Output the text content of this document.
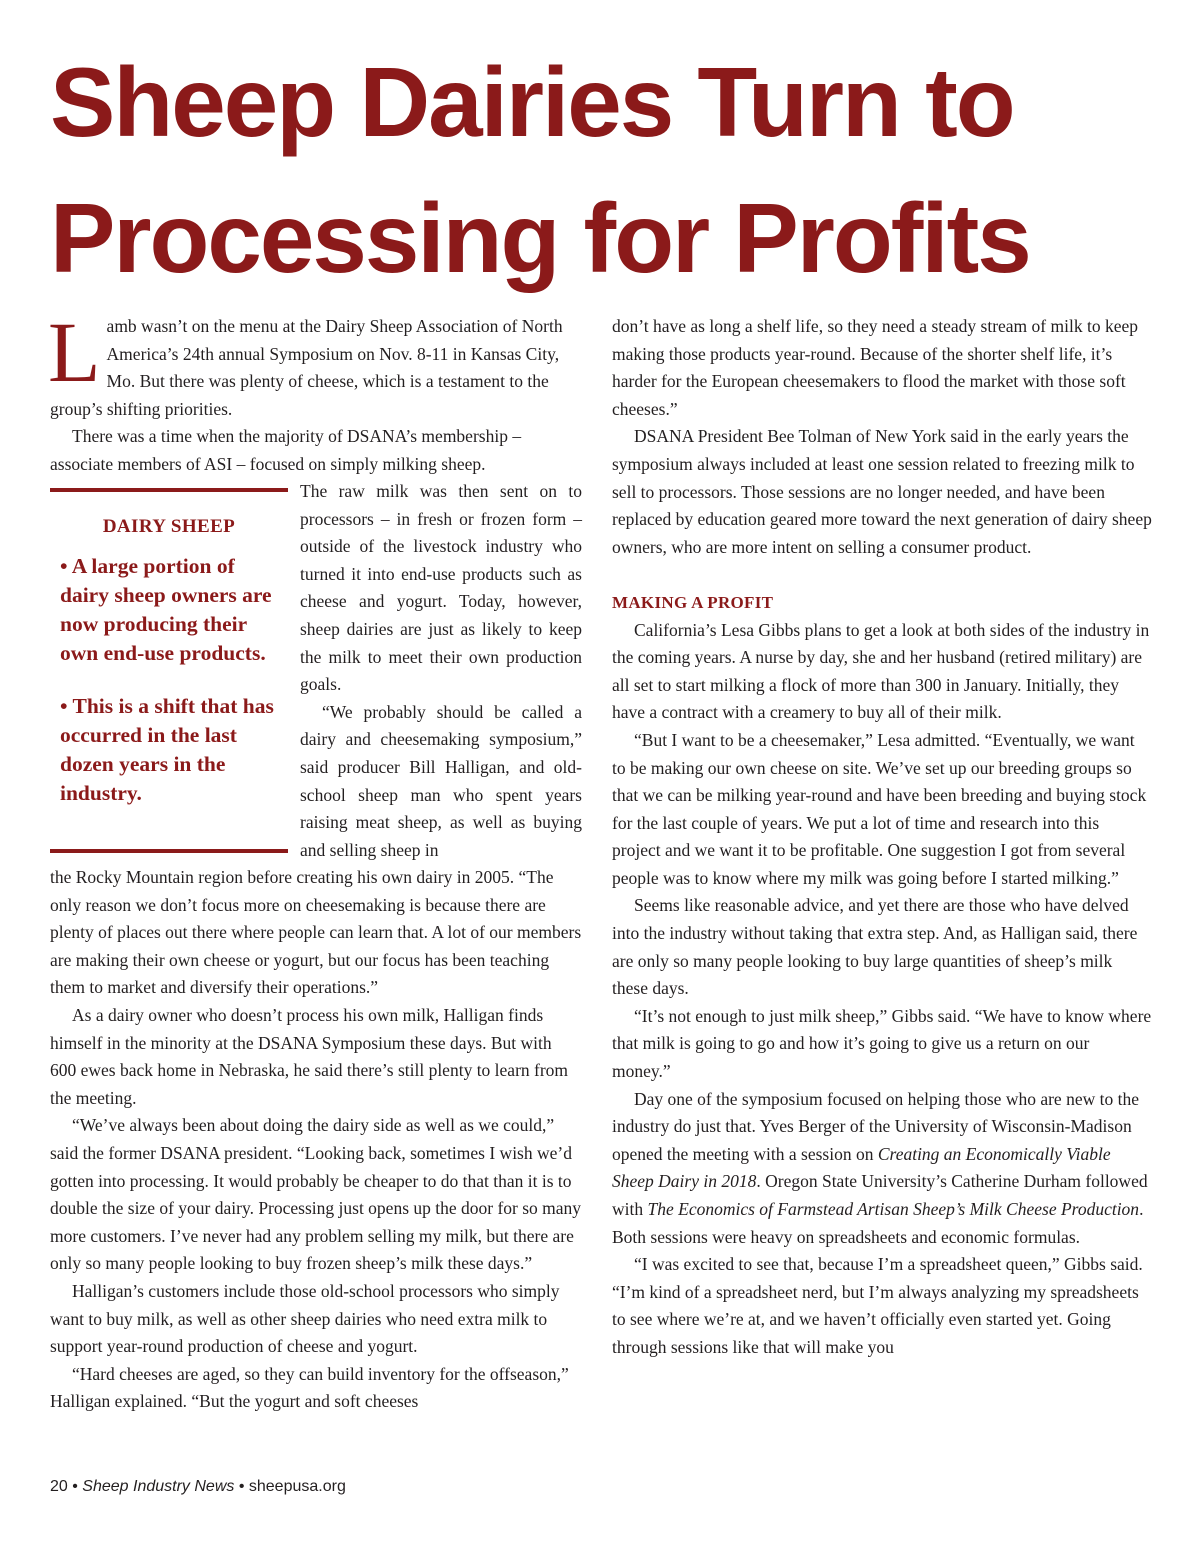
Sheep Dairies Turn to
Processing for Profits
L amb wasn’t on the menu at the Dairy Sheep Association of North America’s 24th annual Symposium on Nov. 8-11 in Kansas City, Mo. But there was plenty of cheese, which is a testament to the group’s shifting priorities.

There was a time when the majority of DSANA’s membership – associate members of ASI – focused on simply milking sheep.

DAIRY SHEEP

• A large portion of dairy sheep owners are now producing their own end-use products.

• This is a shift that has occurred in the last dozen years in the industry.

The raw milk was then sent on to processors – in fresh or frozen form – outside of the livestock industry who turned it into end-use products such as cheese and yogurt. Today, however, sheep dairies are just as likely to keep the milk to meet their own production goals.

“We probably should be called a dairy and cheesemaking symposium,” said producer Bill Halligan, and old-school sheep man who spent years raising meat sheep, as well as buying and selling sheep in

the Rocky Mountain region before creating his own dairy in 2005. “The only reason we don’t focus more on cheesemaking is because there are plenty of places out there where people can learn that. A lot of our members are making their own cheese or yogurt, but our focus has been teaching them to market and diversify their operations.”

As a dairy owner who doesn’t process his own milk, Halligan finds himself in the minority at the DSANA Symposium these days. But with 600 ewes back home in Nebraska, he said there’s still plenty to learn from the meeting.

“We’ve always been about doing the dairy side as well as we could,” said the former DSANA president. “Looking back, sometimes I wish we’d gotten into processing. It would probably be cheaper to do that than it is to double the size of your dairy. Processing just opens up the door for so many more customers. I’ve never had any problem selling my milk, but there are only so many people looking to buy frozen sheep’s milk these days.”

Halligan’s customers include those old-school processors who simply want to buy milk, as well as other sheep dairies who need extra milk to support year-round production of cheese and yogurt.

“Hard cheeses are aged, so they can build inventory for the offseason,” Halligan explained. “But the yogurt and soft cheeses

don’t have as long a shelf life, so they need a steady stream of milk to keep making those products year-round. Because of the shorter shelf life, it’s harder for the European cheesemakers to flood the market with those soft cheeses.”

DSANA President Bee Tolman of New York said in the early years the symposium always included at least one session related to freezing milk to sell to processors. Those sessions are no longer needed, and have been replaced by education geared more toward the next generation of dairy sheep owners, who are more intent on selling a consumer product.

MAKING A PROFIT

California’s Lesa Gibbs plans to get a look at both sides of the industry in the coming years. A nurse by day, she and her husband (retired military) are all set to start milking a flock of more than 300 in January. Initially, they have a contract with a creamery to buy all of their milk.

“But I want to be a cheesemaker,” Lesa admitted. “Eventually, we want to be making our own cheese on site. We’ve set up our breeding groups so that we can be milking year-round and have been breeding and buying stock for the last couple of years. We put a lot of time and research into this project and we want it to be profitable. One suggestion I got from several people was to know where my milk was going before I started milking.”

Seems like reasonable advice, and yet there are those who have delved into the industry without taking that extra step. And, as Halligan said, there are only so many people looking to buy large quantities of sheep’s milk these days.

“It’s not enough to just milk sheep,” Gibbs said. “We have to know where that milk is going to go and how it’s going to give us a return on our money.”

Day one of the symposium focused on helping those who are new to the industry do just that. Yves Berger of the University of Wisconsin-Madison opened the meeting with a session on Creating an Economically Viable Sheep Dairy in 2018. Oregon State University’s Catherine Durham followed with The Economics of Farmstead Artisan Sheep’s Milk Cheese Production. Both sessions were heavy on spreadsheets and economic formulas.

“I was excited to see that, because I’m a spreadsheet queen,” Gibbs said. “I’m kind of a spreadsheet nerd, but I’m always analyzing my spreadsheets to see where we’re at, and we haven’t officially even started yet. Going through sessions like that will make you

20 • Sheep Industry News • sheepusa.org
